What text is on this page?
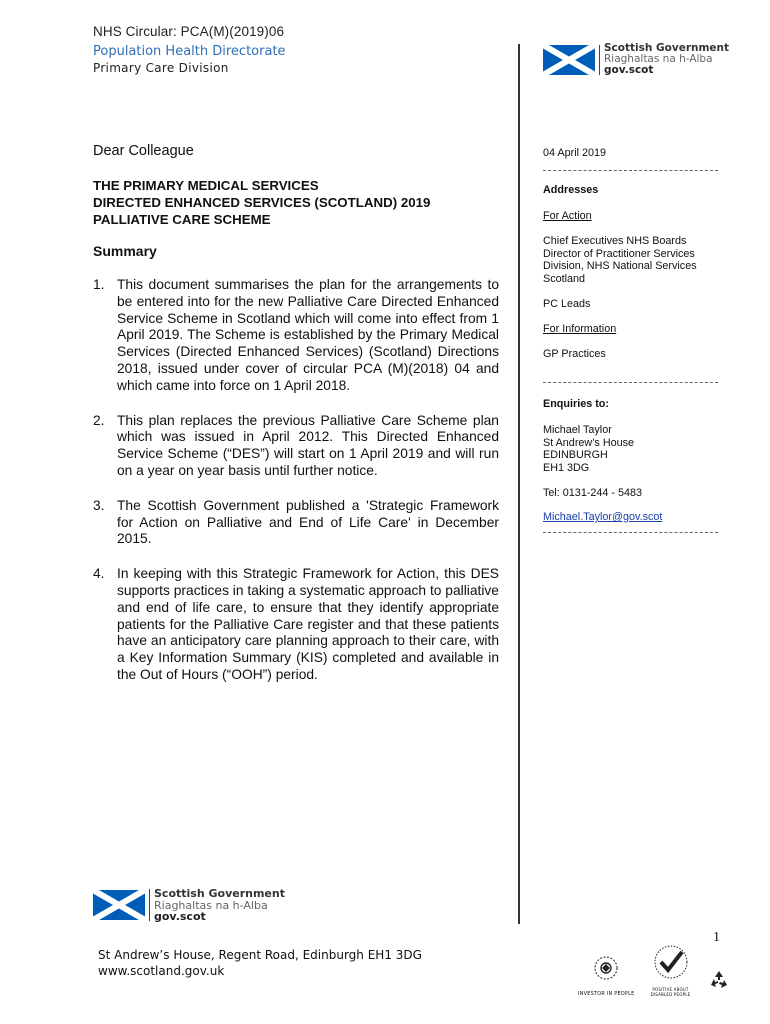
NHS Circular: PCA(M)(2019)06
Population Health Directorate
Primary Care Division
Scottish Government
Riaghaltas na h-Alba
gov.scot
Dear Colleague
THE PRIMARY MEDICAL SERVICES
DIRECTED ENHANCED SERVICES (SCOTLAND) 2019
PALLIATIVE CARE SCHEME
Summary
1. This document summarises the plan for the arrangements to be entered into for the new Palliative Care Directed Enhanced Service Scheme in Scotland which will come into effect from 1 April 2019. The Scheme is established by the Primary Medical Services (Directed Enhanced Services) (Scotland) Directions 2018, issued under cover of circular PCA (M)(2018) 04 and which came into force on 1 April 2018.
2. This plan replaces the previous Palliative Care Scheme plan which was issued in April 2012. This Directed Enhanced Service Scheme (“DES”) will start on 1 April 2019 and will run on a year on year basis until further notice.
3. The Scottish Government published a 'Strategic Framework for Action on Palliative and End of Life Care' in December 2015.
4. In keeping with this Strategic Framework for Action, this DES supports practices in taking a systematic approach to palliative and end of life care, to ensure that they identify appropriate patients for the Palliative Care register and that these patients have an anticipatory care planning approach to their care, with a Key Information Summary (KIS) completed and available in the Out of Hours (“OOH”) period.
04 April 2019
Addresses
For Action
Chief Executives NHS Boards Director of Practitioner Services Division, NHS National Services Scotland
PC Leads
For Information
GP Practices
Enquiries to:
Michael Taylor
St Andrew’s House
EDINBURGH
EH1 3DG
Tel: 0131-244 - 5483
Michael.Taylor@gov.scot
Scottish Government
Riaghaltas na h-Alba
gov.scot
1
St Andrew’s House, Regent Road, Edinburgh EH1 3DG
www.scotland.gov.uk
INVESTOR IN PEOPLE
POSITIVE ABOUT DISABLED PEOPLE
